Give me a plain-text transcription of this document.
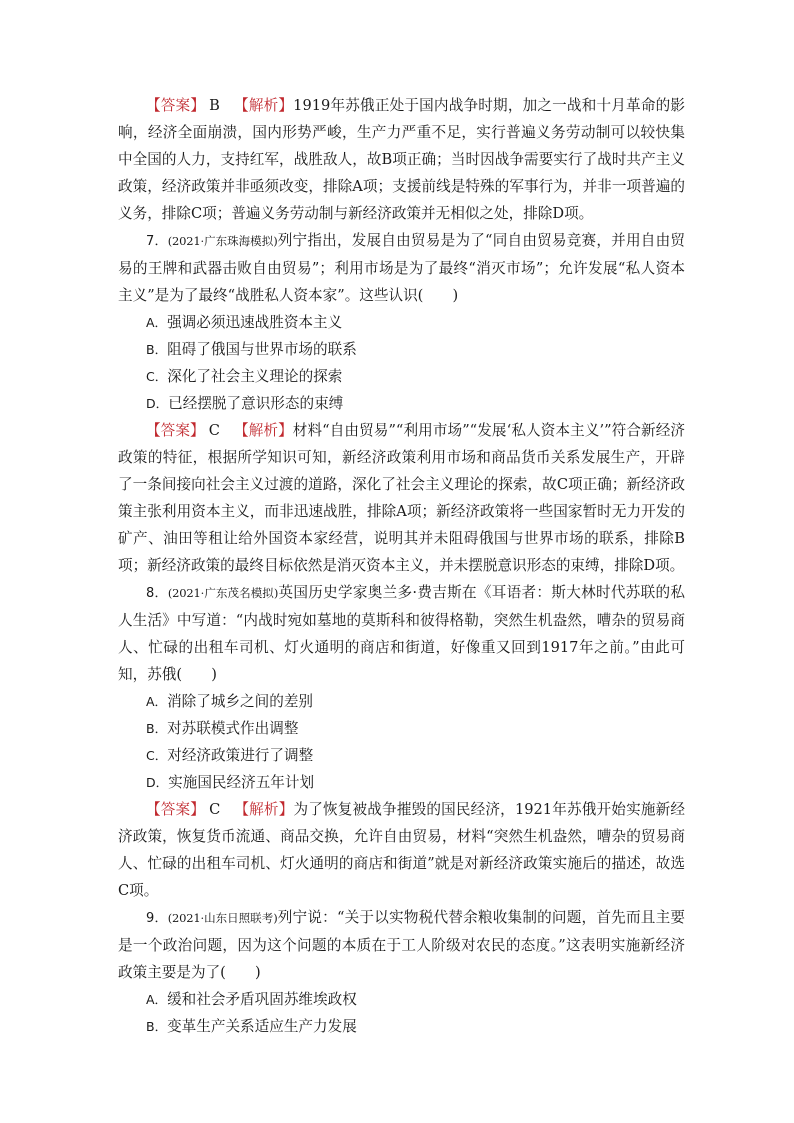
【答案】 B 【解析】1919年苏俄正处于国内战争时期，加之一战和十月革命的影响，经济全面崩溃，国内形势严峻，生产力严重不足，实行普遍义务劳动制可以较快集中全国的人力，支持红军，战胜敌人，故B项正确；当时因战争需要实行了战时共产主义政策，经济政策并非亟须改变，排除A项；支援前线是特殊的军事行为，并非一项普遍的义务，排除C项；普遍义务劳动制与新经济政策并无相似之处，排除D项。

7．(2021·广东珠海模拟)列宁指出，发展自由贸易是为了“同自由贸易竞赛，并用自由贸易的王牌和武器击败自由贸易”；利用市场是为了最终“消灭市场”；允许发展“私人资本主义”是为了最终“战胜私人资本家”。这些认识(　　)

A．强调必须迅速战胜资本主义
B．阻碍了俄国与世界市场的联系
C．深化了社会主义理论的探索
D．已经摆脱了意识形态的束缚

【答案】 C 【解析】材料“自由贸易”“利用市场”“发展‘私人资本主义’”符合新经济政策的特征，根据所学知识可知，新经济政策利用市场和商品货币关系发展生产，开辟了一条间接向社会主义过渡的道路，深化了社会主义理论的探索，故C项正确；新经济政策主张利用资本主义，而非迅速战胜，排除A项；新经济政策将一些国家暂时无力开发的矿产、油田等租让给外国资本家经营，说明其并未阻碍俄国与世界市场的联系，排除B项；新经济政策的最终目标依然是消灭资本主义，并未摆脱意识形态的束缚，排除D项。

8．(2021·广东茂名模拟)英国历史学家奥兰多·费吉斯在《耳语者：斯大林时代苏联的私人生活》中写道：“内战时宛如墓地的莫斯科和彼得格勒，突然生机盎然，嘈杂的贸易商人、忙碌的出租车司机、灯火通明的商店和街道，好像重又回到1917年之前。”由此可知，苏俄(　　)

A．消除了城乡之间的差别
B．对苏联模式作出调整
C．对经济政策进行了调整
D．实施国民经济五年计划

【答案】 C 【解析】为了恢复被战争摧毁的国民经济，1921年苏俄开始实施新经济政策，恢复货币流通、商品交换，允许自由贸易，材料“突然生机盎然，嘈杂的贸易商人、忙碌的出租车司机、灯火通明的商店和街道”就是对新经济政策实施后的描述，故选C项。

9．(2021·山东日照联考)列宁说：“关于以实物税代替余粮收集制的问题，首先而且主要是一个政治问题，因为这个问题的本质在于工人阶级对农民的态度。”这表明实施新经济政策主要是为了(　　)

A．缓和社会矛盾巩固苏维埃政权
B．变革生产关系适应生产力发展
